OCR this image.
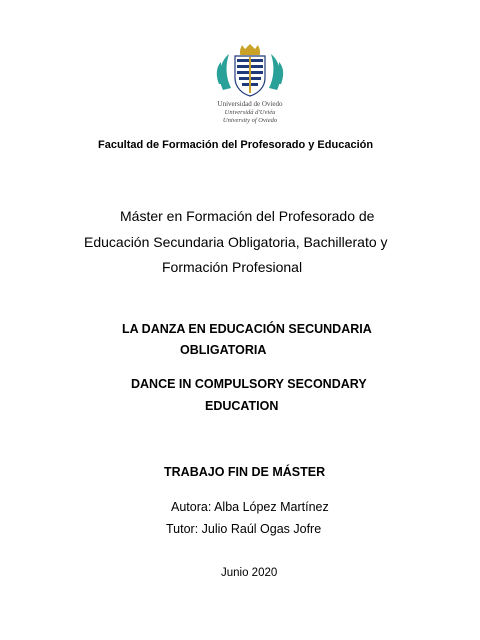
Universidad de Oviedo
Universidá d'Uviéu
University of Oviedo
Facultad de Formación del Profesorado y Educación
Máster en Formación del Profesorado de
Educación Secundaria Obligatoria, Bachillerato y
Formación Profesional
LA DANZA EN EDUCACIÓN SECUNDARIA
OBLIGATORIA
DANCE IN COMPULSORY SECONDARY
EDUCATION
TRABAJO FIN DE MÁSTER
Autora: Alba López Martínez
Tutor: Julio Raúl Ogas Jofre
Junio 2020
